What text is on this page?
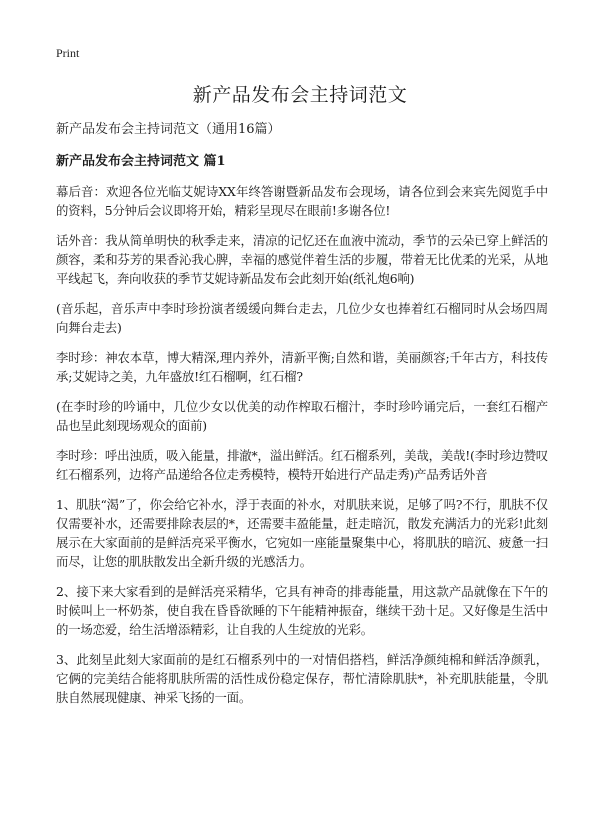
Print
新产品发布会主持词范文

新产品发布会主持词范文（通用16篇）

新产品发布会主持词范文 篇1

幕后音：欢迎各位光临艾妮诗XX年终答谢暨新品发布会现场，请各位到会来宾先阅览手中的资料，5分钟后会议即将开始，精彩呈现尽在眼前!多谢各位!

话外音：我从简单明快的秋季走来，清凉的记忆还在血液中流动，季节的云朵已穿上鲜活的颜容，柔和芬芳的果香沁我心脾，幸福的感觉伴着生活的步履，带着无比优柔的光采，从地平线起飞，奔向收获的季节艾妮诗新品发布会此刻开始(纸礼炮6响)

(音乐起，音乐声中李时珍扮演者缓缓向舞台走去，几位少女也捧着红石榴同时从会场四周向舞台走去)

李时珍：神农本草，博大精深,理内养外，清新平衡;自然和谐，美丽颜容;千年古方，科技传承;艾妮诗之美，九年盛放!红石榴啊，红石榴?

(在李时珍的吟诵中，几位少女以优美的动作榨取石榴汁，李时珍吟诵完后，一套红石榴产品也呈此刻现场观众的面前)

李时珍：呼出浊质，吸入能量，排澈*，溢出鲜活。红石榴系列，美哉，美哉!(李时珍边赞叹红石榴系列，边将产品递给各位走秀模特，模特开始进行产品走秀)产品秀话外音

1、肌肤“渴”了，你会给它补水，浮于表面的补水，对肌肤来说，足够了吗?不行，肌肤不仅仅需要补水，还需要排除表层的*，还需要丰盈能量，赶走暗沉，散发充满活力的光彩!此刻展示在大家面前的是鲜活亮采平衡水，它宛如一座能量聚集中心，将肌肤的暗沉、疲惫一扫而尽，让您的肌肤散发出全新升级的光感活力。

2、接下来大家看到的是鲜活亮采精华，它具有神奇的排毒能量，用这款产品就像在下午的时候叫上一杯奶茶，使自我在昏昏欲睡的下午能精神振奋，继续干劲十足。又好像是生活中的一场恋爱，给生活增添精彩，让自我的人生绽放的光彩。

3、此刻呈此刻大家面前的是红石榴系列中的一对情侣搭档，鲜活净颜纯棉和鲜活净颜乳，它俩的完美结合能将肌肤所需的活性成份稳定保存，帮忙清除肌肤*，补充肌肤能量，令肌肤自然展现健康、神采飞扬的一面。
